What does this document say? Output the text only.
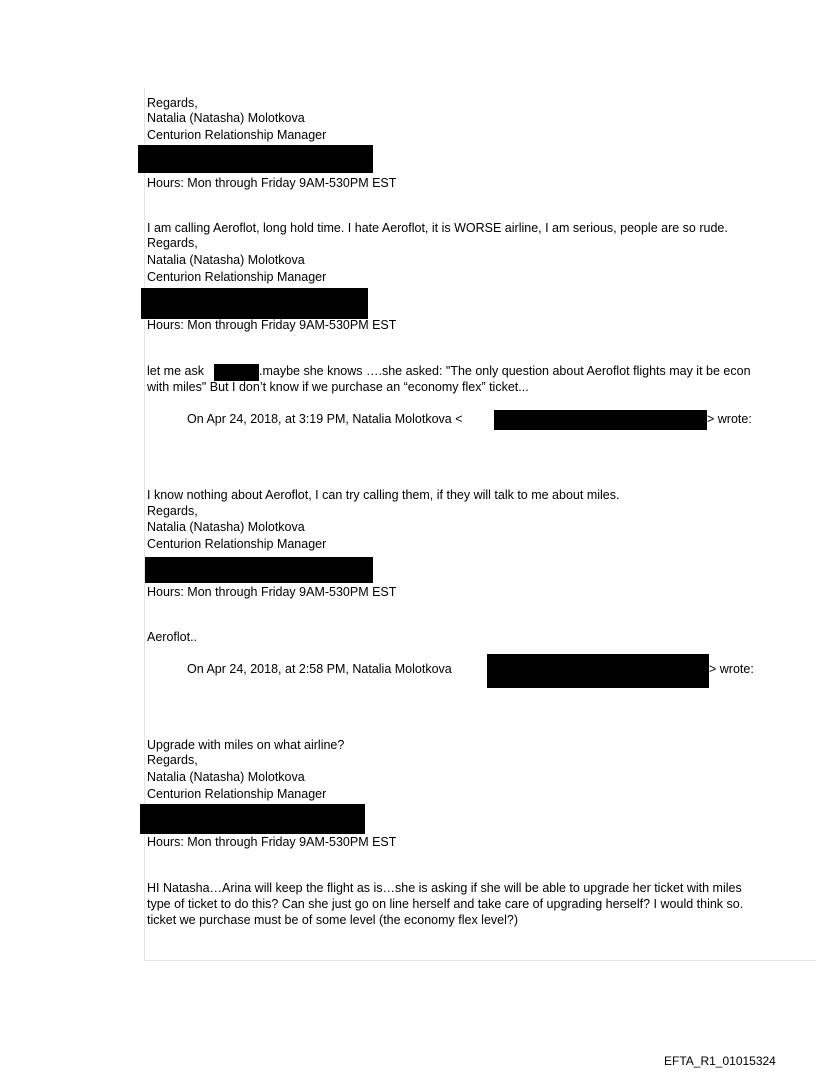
Regards,
Natalia (Natasha) Molotkova
Centurion Relationship Manager
Hours: Mon through Friday 9AM-530PM EST
I am calling Aeroflot, long hold time. I hate Aeroflot, it is WORSE airline, I am serious, people are so rude.
Regards,
Natalia (Natasha) Molotkova
Centurion Relationship Manager
Hours: Mon through Friday 9AM-530PM EST
let me ask	.maybe she knows ….she asked: "The only question about Aeroflot flights may it be econ
with miles" But I don’t know if we purchase an “economy flex” ticket...
On Apr 24, 2018, at 3:19 PM, Natalia Molotkova <	> wrote:
I know nothing about Aeroflot, I can try calling them, if they will talk to me about miles.
Regards,
Natalia (Natasha) Molotkova
Centurion Relationship Manager
Hours: Mon through Friday 9AM-530PM EST
Aeroflot..
On Apr 24, 2018, at 2:58 PM, Natalia Molotkova	> wrote:
Upgrade with miles on what airline?
Regards,
Natalia (Natasha) Molotkova
Centurion Relationship Manager
Hours: Mon through Friday 9AM-530PM EST
HI Natasha…Arina will keep the flight as is…she is asking if she will be able to upgrade her ticket with miles
type of ticket to do this? Can she just go on line herself and take care of upgrading herself? I would think so.
ticket we purchase must be of some level (the economy flex level?)
EFTA_R1_01015324
